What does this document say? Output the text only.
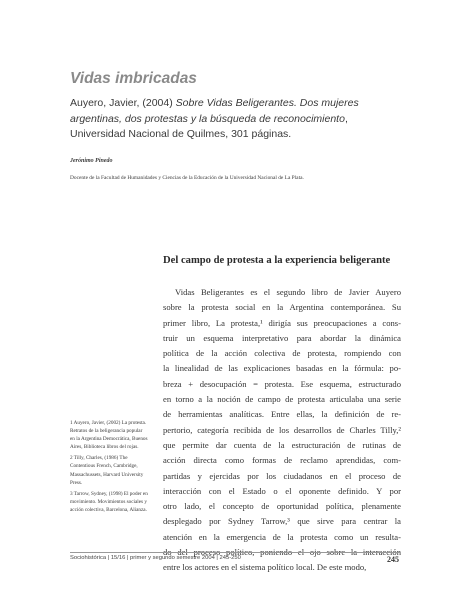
Vidas imbricadas
Auyero, Javier, (2004) Sobre Vidas Beligerantes. Dos mujeres argentinas, dos protestas y la búsqueda de reconocimiento, Universidad Nacional de Quilmes, 301 páginas.
Jerónimo Pinedo
Docente de la Facultad de Humanidades y Ciencias de la Educación de la Universidad Nacional de La Plata.
Del campo de protesta a la experiencia beligerante
Vidas Beligerantes es el segundo libro de Javier Auyero
sobre la protesta social en la Argentina contemporánea. Su
primer libro, La protesta,¹ dirigía sus preocupaciones a cons-
truir un esquema interpretativo para abordar la dinámica
política de la acción colectiva de protesta, rompiendo con
la linealidad de las explicaciones basadas en la fórmula: po-
breza + desocupación = protesta. Ese esquema, estructurado
en torno a la noción de campo de protesta articulaba una serie
de herramientas analíticas. Entre ellas, la definición de re-
pertorio, categoría recibida de los desarrollos de Charles Tilly,²
que permite dar cuenta de la estructuración de rutinas de
acción directa como formas de reclamo aprendidas, com-
partidas y ejercidas por los ciudadanos en el proceso de
interacción con el Estado o el oponente definido. Y por
otro lado, el concepto de oportunidad política, plenamente
desplegado por Sydney Tarrow,³ que sirve para centrar la
atención en la emergencia de la protesta como un resulta-
do del proceso político, poniendo el ojo sobre la interacción
entre los actores en el sistema político local. De este modo,
1 Auyero, Javier, (2002) La protesta. Retratos de la beligerancia popular en la Argentina Democrática, Buenos Aires, Biblioteca libros del rojas.
2 Tilly, Charles, (1986) The Contentious French, Cambridge, Massachussets, Harvard University Press.
3 Tarrow, Sydney, (1998) El poder en movimiento. Movimientos sociales y acción colectiva, Barcelona, Alianza.
Sociohistórica | 15/16 | primer y segundo semestre 2004 | 245-250	245
